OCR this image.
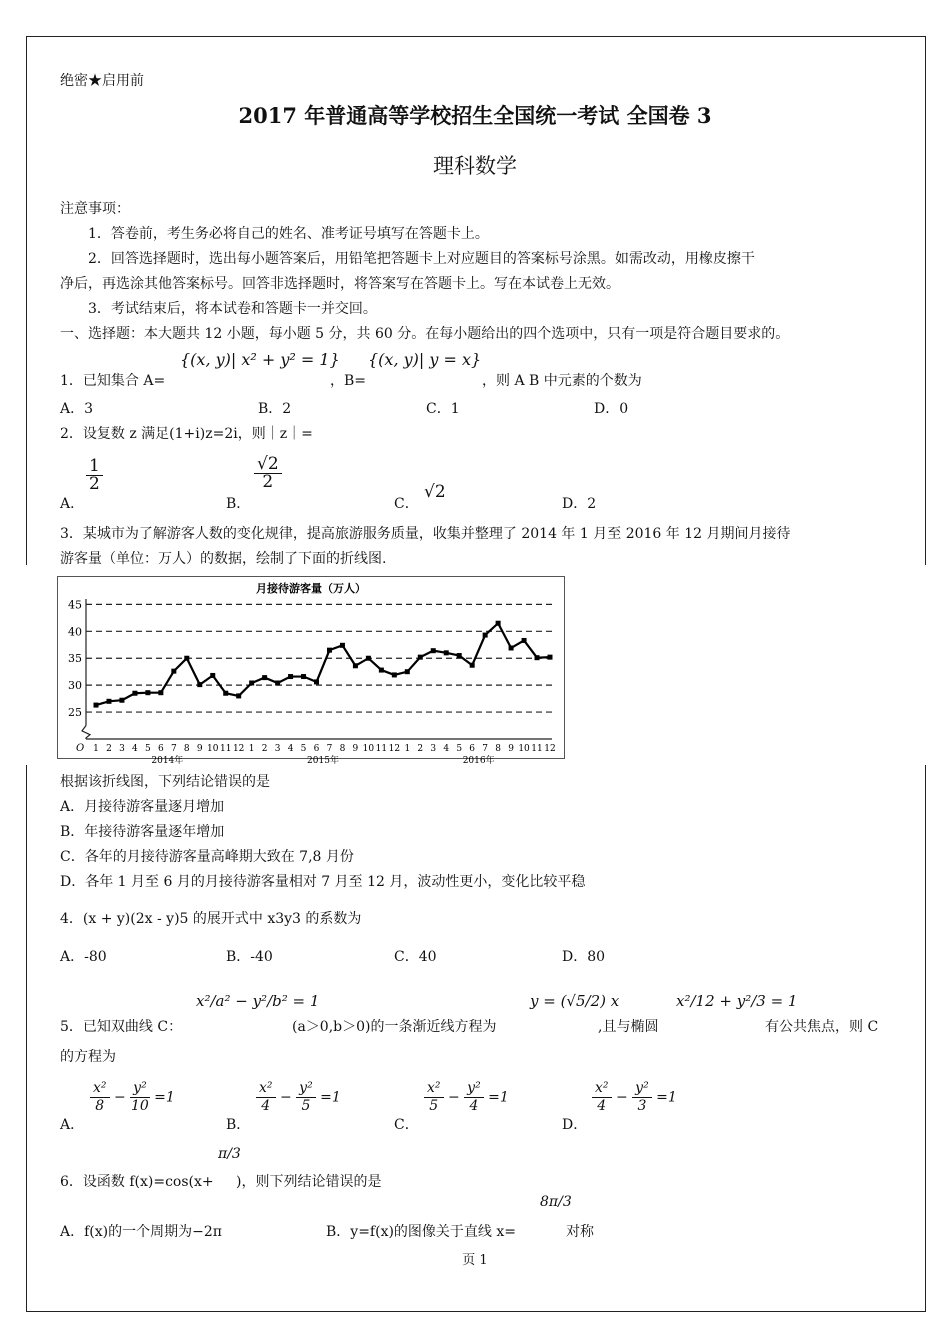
绝密★启用前
2017 年普通高等学校招生全国统一考试 全国卷 3
理科数学
注意事项：
1．答卷前，考生务必将自己的姓名、准考证号填写在答题卡上。
2．回答选择题时，选出每小题答案后，用铅笔把答题卡上对应题目的答案标号涂黑。如需改动，用橡皮擦干
净后，再选涂其他答案标号。回答非选择题时，将答案写在答题卡上。写在本试卷上无效。
3．考试结束后，将本试卷和答题卡一并交回。
一、选择题：本大题共 12 小题，每小题 5 分，共 60 分。在每小题给出的四个选项中，只有一项是符合题目要求的。
1．已知集合 A=
{(x, y)| x² + y² = 1}
，B=
{(x, y)| y = x}
，则 A B 中元素的个数为
A．3	B．2	C．1	D．0
2．设复数 z 满足(1+i)z=2i，则｜z｜=
A．
$\frac{1}{2}$
B．
$\frac{√2}{2}$
C．
√2
D．2
3．某城市为了解游客人数的变化规律，提高旅游服务质量，收集并整理了 2014 年 1 月至 2016 年 12 月期间月接待
游客量（单位：万人）的数据，绘制了下面的折线图.
月接待游客量（万人）
25
30
35
40
45
O 1 2 3 4 5 6 7 8 9 10 11 12 1 2 3 4 5 6 7 8 9 10 11 12 1 2 3 4 5 6 7 8 9 10 11 12
2014年	2015年	2016年
根据该折线图，下列结论错误的是
A．月接待游客量逐月增加
B．年接待游客量逐年增加
C．各年的月接待游客量高峰期大致在 7,8 月份
D．各年 1 月至 6 月的月接待游客量相对 7 月至 12 月，波动性更小，变化比较平稳
4．(x + y)(2x - y)5 的展开式中 x3y3 的系数为
A．-80	B．-40	C．40	D．80
5．已知双曲线 C：
x²/a² − y²/b² = 1
(a＞0,b＞0)的一条渐近线方程为
y = (√5/2) x
,且与椭圆
x²/12 + y²/3 = 1
有公共焦点，则 C
的方程为
A．
$\frac{\text{x²}}{8} - \frac{\text{y²}}{10} =1$
B．
$\frac{\text{x²}}{4} - \frac{\text{y²}}{5} =1$
C．
$\frac{\text{x²}}{5} - \frac{\text{y²}}{4} =1$
D．
$\frac{\text{x²}}{4} - \frac{\text{y²}}{3} =1$
6．设函数 f(x)=cos(x+
π/3
)，则下列结论错误的是
A．f(x)的一个周期为−2π	B．y=f(x)的图像关于直线 x=
8π/3
对称
页 1
